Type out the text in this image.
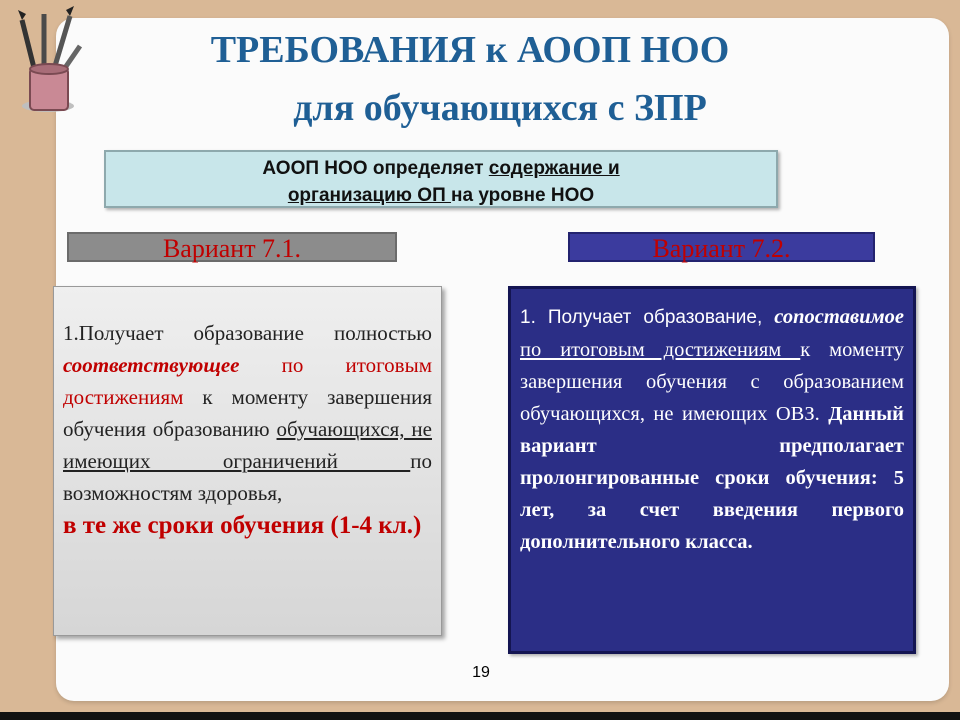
ТРЕБОВАНИЯ к АООП НОО
для обучающихся с ЗПР
АООП НОО определяет содержание и
организацию ОП на уровне НОО
Вариант 7.1.	Вариант 7.2.
1.Получает образование полностью соответствующее по итоговым достижениям к моменту завершения обучения образованию обучающихся, не имеющих ограничений по возможностям здоровья,
в те же сроки обучения (1-4 кл.)
1. Получает образование, сопоставимое по итоговым достижениям к моменту завершения обучения с образованием обучающихся, не имеющих ОВЗ. Данный вариант предполагает пролонгированные сроки обучения: 5 лет, за счет введения первого дополнительного класса.
19
